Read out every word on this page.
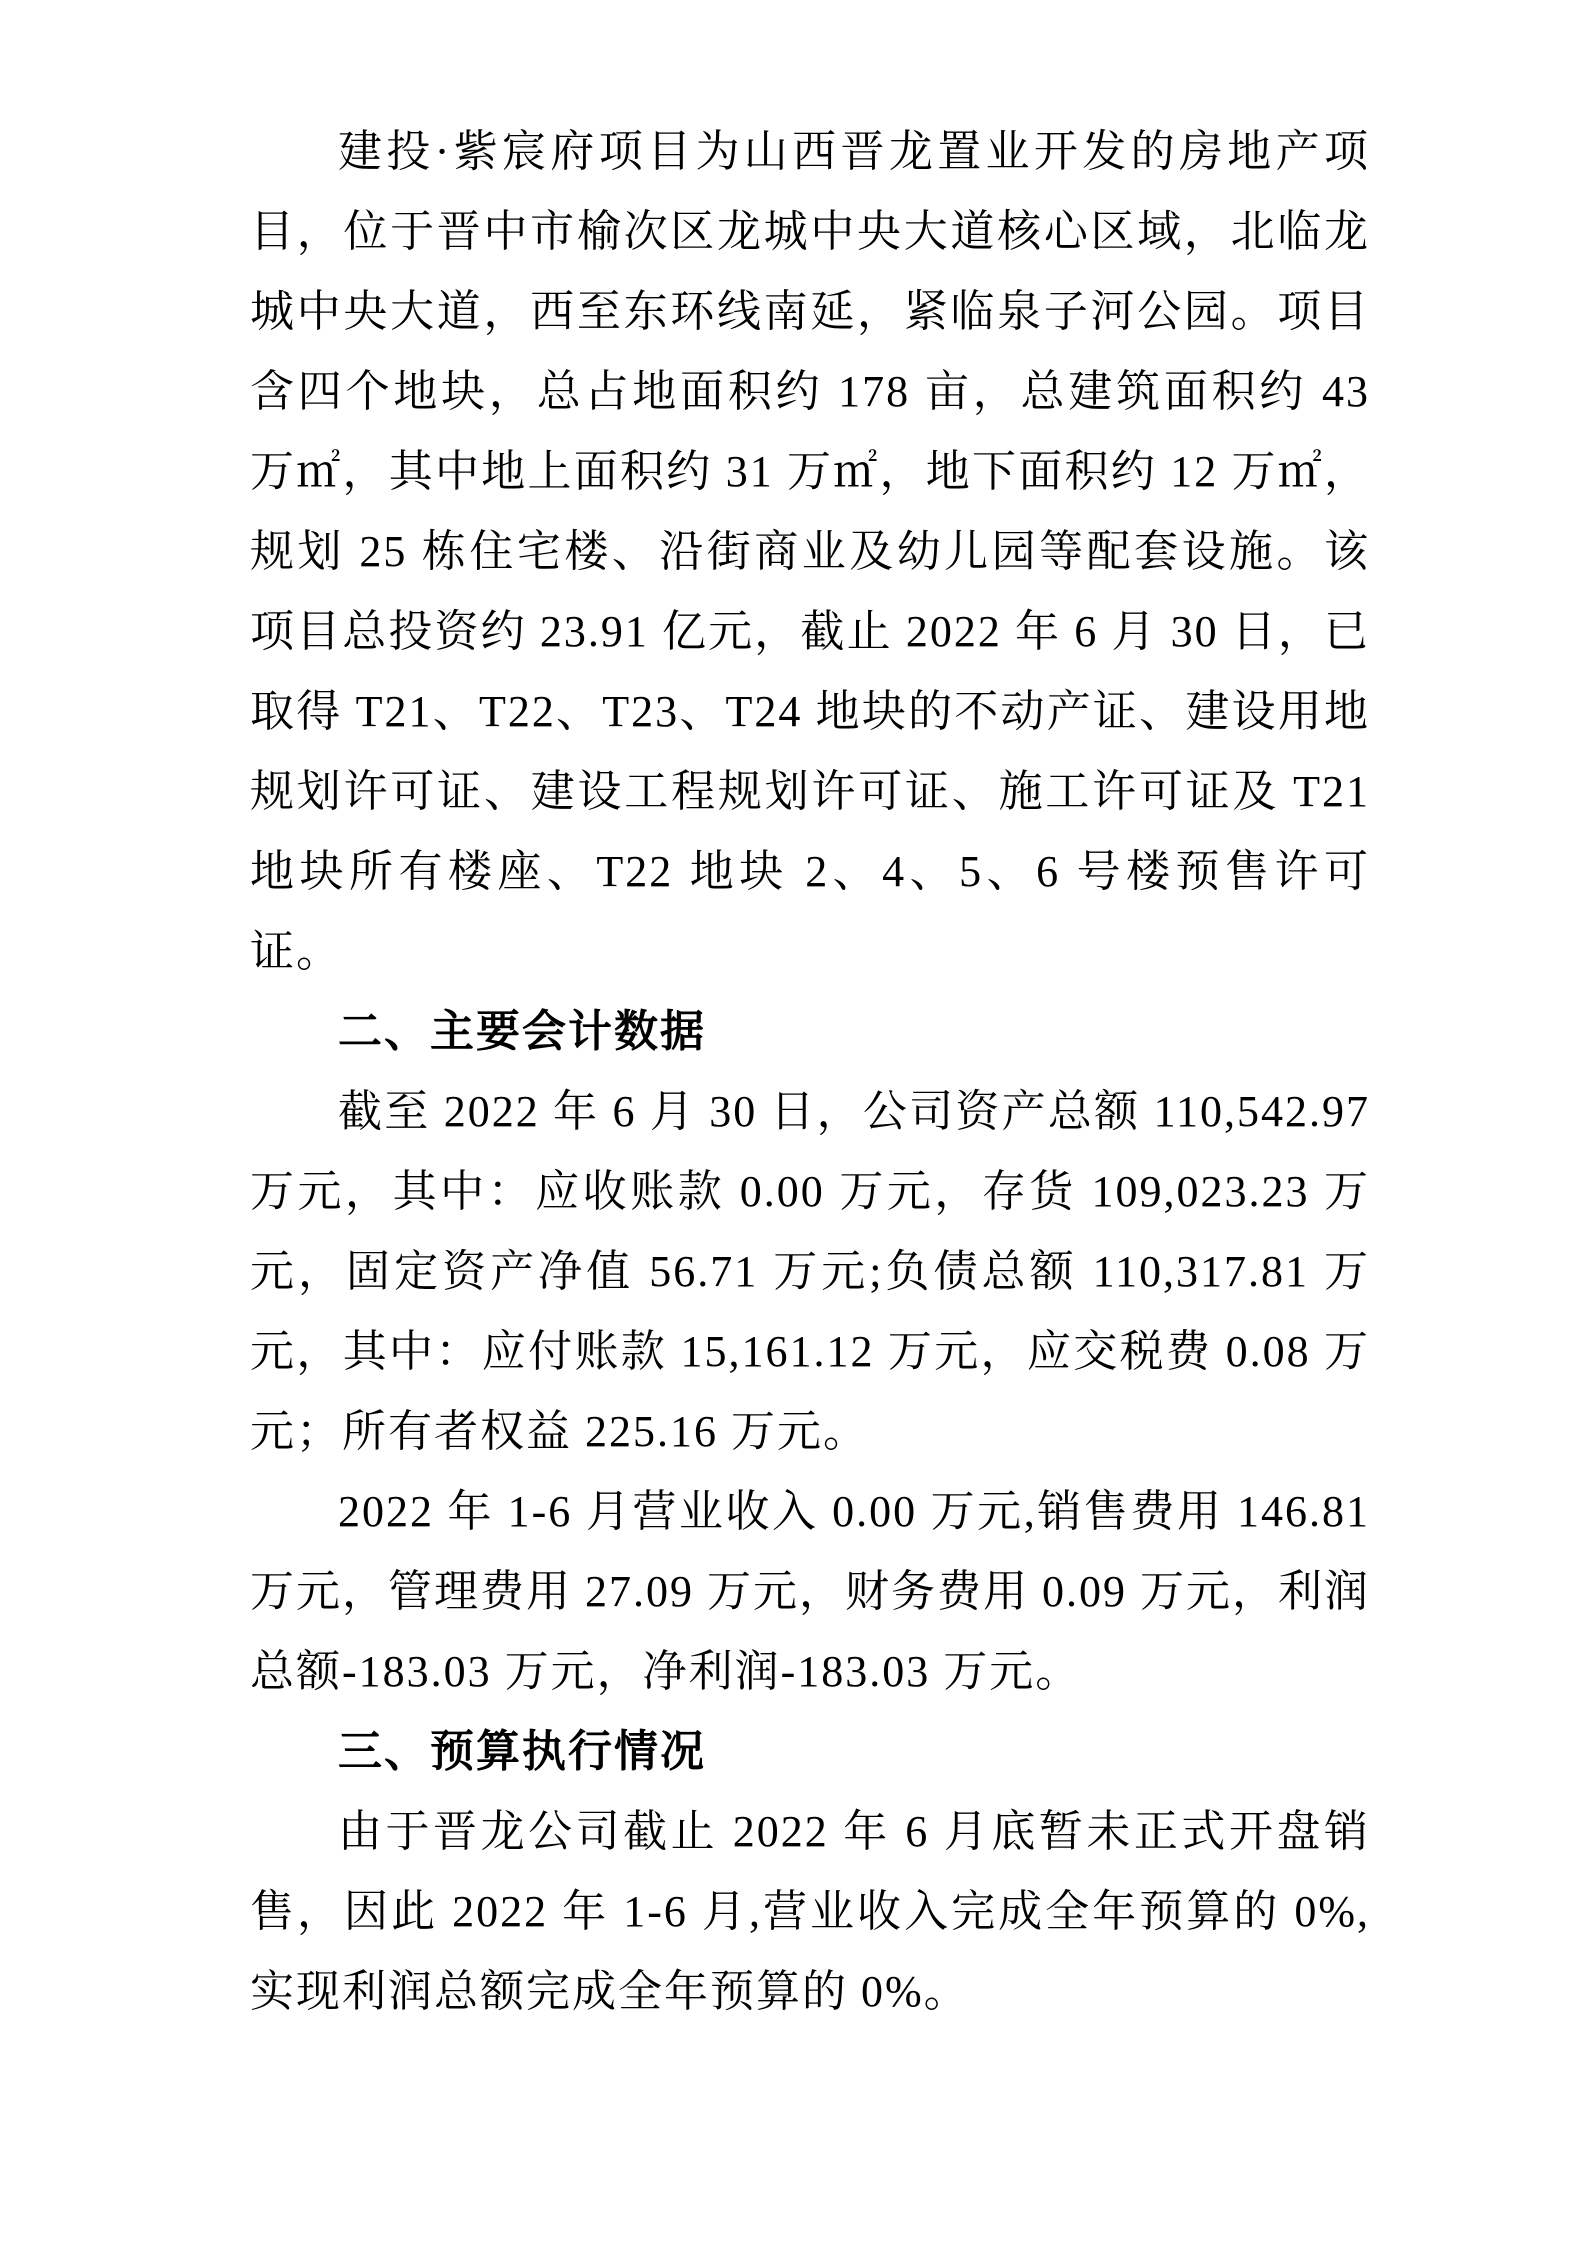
建投·紫宸府项目为山西晋龙置业开发的房地产项目，位于晋中市榆次区龙城中央大道核心区域，北临龙城中央大道，西至东环线南延，紧临泉子河公园。项目含四个地块，总占地面积约 178 亩，总建筑面积约 43 万㎡，其中地上面积约 31 万㎡，地下面积约 12 万㎡，规划 25 栋住宅楼、沿街商业及幼儿园等配套设施。该项目总投资约 23.91 亿元，截止 2022 年 6 月 30 日，已取得 T21、T22、T23、T24 地块的不动产证、建设用地规划许可证、建设工程规划许可证、施工许可证及 T21 地块所有楼座、T22 地块 2、4、5、6 号楼预售许可证。

二、主要会计数据

截至 2022 年 6 月 30 日，公司资产总额 110,542.97 万元，其中：应收账款 0.00 万元，存货 109,023.23 万元，固定资产净值 56.71 万元;负债总额 110,317.81 万元，其中：应付账款 15,161.12 万元，应交税费 0.08 万元；所有者权益 225.16 万元。

2022 年 1-6 月营业收入 0.00 万元,销售费用 146.81 万元，管理费用 27.09 万元，财务费用 0.09 万元，利润总额-183.03 万元，净利润-183.03 万元。

三、预算执行情况

由于晋龙公司截止 2022 年 6 月底暂未正式开盘销售，因此 2022 年 1-6 月,营业收入完成全年预算的 0%, 实现利润总额完成全年预算的 0%。
